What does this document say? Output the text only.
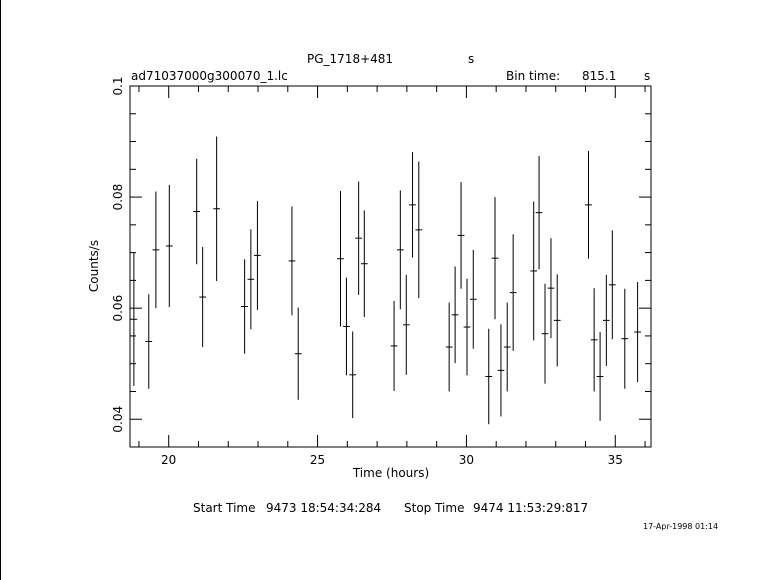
PG_1718+481	s
ad71037000g300070_1.lc	Bin time: 815.1 s
20	25	30	35
0.04
0.06
0.08
0.1
Time (hours)
Counts/s
Start Time 9473 18:54:34:284 Stop Time 9474 11:53:29:817
17-Apr-1998 01:14
